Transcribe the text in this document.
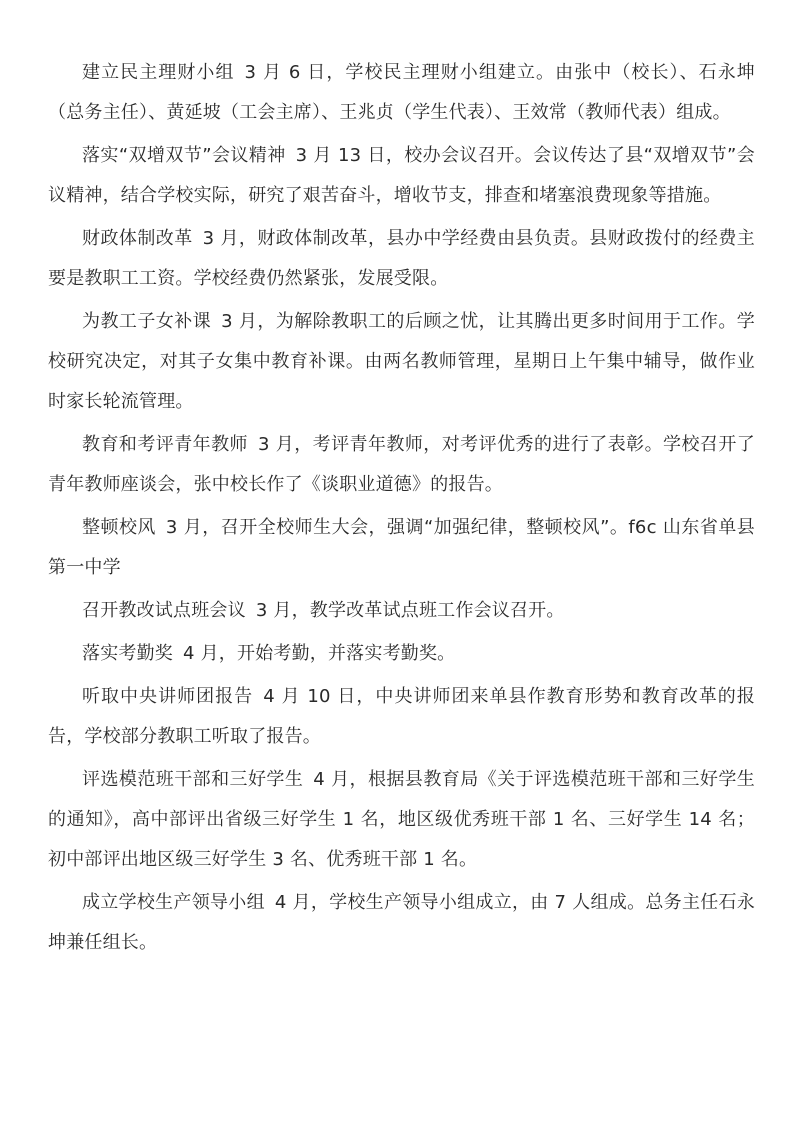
建立民主理财小组 3 月 6 日，学校民主理财小组建立。由张中（校长）、石永坤（总务主任）、黄延坡（工会主席）、王兆贞（学生代表）、王效常（教师代表）组成。

落实“双增双节”会议精神 3 月 13 日，校办会议召开。会议传达了县“双增双节”会议精神，结合学校实际，研究了艰苦奋斗，增收节支，排查和堵塞浪费现象等措施。

财政体制改革 3 月，财政体制改革，县办中学经费由县负责。县财政拨付的经费主要是教职工工资。学校经费仍然紧张，发展受限。

为教工子女补课 3 月，为解除教职工的后顾之忧，让其腾出更多时间用于工作。学校研究决定，对其子女集中教育补课。由两名教师管理，星期日上午集中辅导，做作业时家长轮流管理。

教育和考评青年教师 3 月，考评青年教师，对考评优秀的进行了表彰。学校召开了青年教师座谈会，张中校长作了《谈职业道德》的报告。

整顿校风 3 月，召开全校师生大会，强调“加强纪律，整顿校风”。f6c 山东省单县第一中学

召开教改试点班会议 3 月，教学改革试点班工作会议召开。

落实考勤奖 4 月，开始考勤，并落实考勤奖。

听取中央讲师团报告 4 月 10 日，中央讲师团来单县作教育形势和教育改革的报告，学校部分教职工听取了报告。

评选模范班干部和三好学生 4 月，根据县教育局《关于评选模范班干部和三好学生的通知》，高中部评出省级三好学生 1 名，地区级优秀班干部 1 名、三好学生 14 名；初中部评出地区级三好学生 3 名、优秀班干部 1 名。

成立学校生产领导小组 4 月，学校生产领导小组成立，由 7 人组成。总务主任石永坤兼任组长。
